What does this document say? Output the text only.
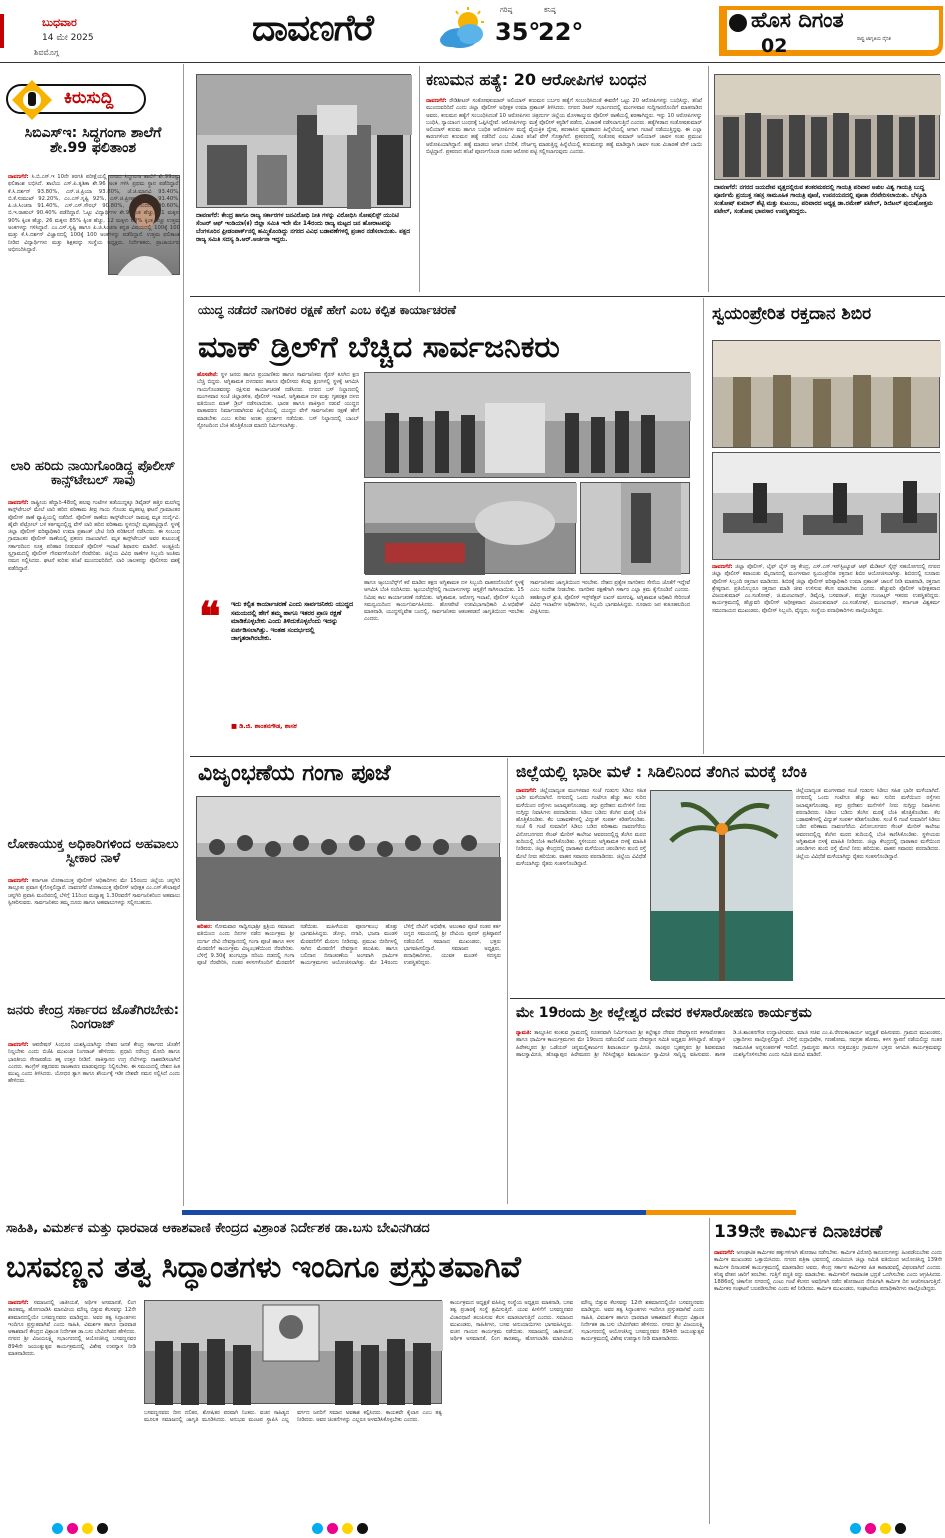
ಬುಧವಾರ
14 ಮೇ 2025
ಶಿವಮೊಗ್ಗ
ದಾವಣಗೆರೆ	ಗರಿಷ್ಠ
35°
ಕನಿಷ್ಠ
22°	ಹೊಸ ದಿಗಂತ
ರಾಷ್ಟ್ರ ಜಾಗೃತಿಯ ದೈನಿಕ
02
ಕಿರುಸುದ್ದಿ
ಸಿಬಿಎಸ್‌ಇ: ಸಿದ್ಧಗಂಗಾ ಶಾಲೆಗೆ ಶೇ.99 ಫಲಿತಾಂಶ
ದಾವಣಗೆರೆ: ಸಿ.ಬಿ.ಎಸ್.ಇ 10ನೇ ತರಗತಿ ಪರೀಕ್ಷೆಯಲ್ಲಿ ನಗರದ ಸಿದ್ಧಗಂಗಾ ಶಾಲೆಗೆ ಶೇ.99ರಷ್ಟು ಫಲಿತಾಂಶ ಲಭಿಸಿದೆ. ಶಾಲೆಯ ಎಸ್.ಪಿ.ತೃಶಿಕಾ ಶೇ.96 ಅಂಕ ಗಳಿಸಿ ಪ್ರಥಮ ಸ್ಥಾನ ಪಡೆದಿದ್ದಾರೆ. ಕೆ.ಸಿ.ದರ್ಶನ್ 93.80%, ಎನ್.ಜಿ.ಪ್ರಿಯಾ 93.80%, ಜೆ.ಜಿ.ಮಾನವಿ 93.40%, ಬಿ.ಕೆ.ಸುಮುಖ್ 92.20%, ಎಂ.ಎಸ್.ಸೃಷ್ಟಿ 92%, ಎಸ್.ಜಿ.ಪ್ರೀತಮ್ ಸ್ವಾಮಿ 91.40%, ಪಿ.ಜಿ.ಸಿಂಚನಾ 91.40%, ಎಸ್.ಎಸ್.ಸೌರಭ್ 90.80%, ಸಿ.ಜಿ.ನಂದನ್ 90.60%, ಬಿ.ಇ.ರಾಹುಲ್ 90.40% ಪಡೆದಿದ್ದಾರೆ. ಓಟ್ಟು ವಿದ್ಯಾರ್ಥಿಗಳ ಶೇ.99ಕ್ಕಿಂತ ಹೆಚ್ಚು, 11 ಮಕ್ಕಳು 90% ಕ್ಕಿಂತ ಹೆಚ್ಚು, 26 ಮಕ್ಕಳು 85% ಕ್ಕಿಂತ ಹೆಚ್ಚು, 12 ಮಕ್ಕಳು 60% ಕ್ಕಿಂತ ಹೆಚ್ಚು ಉತ್ತಮ ಅಂಕಗಳನ್ನು ಗಳಿಸಿದ್ದಾರೆ. ಎಂ.ಎಸ್.ಸೃಷ್ಟಿ ಹಾಗೂ ಪಿ.ಜಿ.ಸಿಂಚನಾ ಕನ್ನಡ ವಿಷಯದಲ್ಲಿ 100ಕ್ಕೆ 100 ಮತ್ತು ಕೆ.ಸಿ.ದರ್ಶನ್ ವಿಜ್ಞಾನದಲ್ಲಿ 100ಕ್ಕೆ 100 ಅಂಕಗಳನ್ನು ಪಡೆದಿದ್ದಾರೆ. ಉತ್ತಮ ಫಲಿತಾಂಶ ನೀಡಿದ ವಿದ್ಯಾರ್ಥಿಗಳು ಮತ್ತು ಶಿಕ್ಷಕರನ್ನು ಸಂಸ್ಥೆಯ ಅಧ್ಯಕ್ಷರು, ನಿರ್ದೇಶಕರು, ಪ್ರಾಚಾರ್ಯರು ಅಭಿನಂದಿಸಿದ್ದಾರೆ.
ಲಾರಿ ಹರಿದು ನಾಯಿಗೊಂಡಿದ್ದ ಪೊಲೀಸ್ ಕಾನ್ಸ್‌ಟೇಬಲ್ ಸಾವು
ದಾವಣಗೆರೆ: ರಾಷ್ಟ್ರೀಯ ಹೆದ್ದಾರಿ-48ರಲ್ಲಿ ಹಲವು ಗಂಟೆಗಳ ತಡೆಯುದ್ದಕ್ಕೂ ಡಿವೈಡರ್ ಹತ್ತಿರ ಮಲಗಿದ್ದ ಕಾನ್ಸ್‌ಟೇಬಲ್ ಮೇಲೆ ಲಾರಿ ಹರಿದ ಪರಿಣಾಮ ತೀವ್ರ ಗಾಯ ಗೊಂಡು ಮೃತಪಟ್ಟ ಘಟನೆ ಗ್ರಾಮಾಂತರ ಪೊಲೀಸ್ ಠಾಣೆ ವ್ಯಾಪ್ತಿಯಲ್ಲಿ ನಡೆದಿದೆ. ಪೊಲೀಸ್ ಠಾಣೆಯ ಕಾನ್ಸ್‌ಟೇಬಲ್ ರಾಮಪ್ಪ ಮೃತ ದುರ್ದೈವಿ. ಹೈವೇ ಪೆಟ್ರೋಲ್ ಬಳಿ ಕರ್ತವ್ಯದಲ್ಲಿದ್ದ ವೇಳೆ ಲಾರಿ ಹರಿದ ಪರಿಣಾಮ ಸ್ಥಳದಲ್ಲೇ ಮೃತಪಟ್ಟಿದ್ದಾರೆ. ಸ್ಥಳಕ್ಕೆ ಜಿಲ್ಲಾ ಪೊಲೀಸ್ ವರಿಷ್ಠಾಧಿಕಾರಿ ಉಮಾ ಪ್ರಶಾಂತ್ ಭೇಟಿ ನೀಡಿ ಪರಿಶೀಲನೆ ನಡೆಸಿದರು. ಈ ಸಂಬಂಧ ಗ್ರಾಮಾಂತರ ಪೊಲೀಸ್ ಠಾಣೆಯಲ್ಲಿ ಪ್ರಕರಣ ದಾಖಲಾಗಿದೆ. ಮೃತ ಕಾನ್ಸ್‌ಟೇಬಲ್ ಅವರ ಕುಟುಂಬಕ್ಕೆ ಸರ್ಕಾರದಿಂದ ಸೂಕ್ತ ಪರಿಹಾರ ನೀಡುವಂತೆ ಪೊಲೀಸ್ ಇಲಾಖೆ ಶಿಫಾರಸು ಮಾಡಿದೆ. ಅಂತ್ಯಕ್ರಿಯೆ ಸ್ವಗ್ರಾಮದಲ್ಲಿ ಪೊಲೀಸ್ ಗೌರವಗಳೊಂದಿಗೆ ನೆರವೇರಿತು. ಜಿಲ್ಲೆಯ ವಿವಿಧ ಠಾಣೆಗಳ ಸಿಬ್ಬಂದಿ ಅಂತಿಮ ನಮನ ಸಲ್ಲಿಸಿದರು. ಘಟನೆ ಕುರಿತು ತನಿಖೆ ಮುಂದುವರಿದಿದೆ. ಲಾರಿ ಚಾಲಕನನ್ನು ಪೊಲೀಸರು ವಶಕ್ಕೆ ಪಡೆದಿದ್ದಾರೆ.
ಲೋಕಾಯುಕ್ತ ಅಧಿಕಾರಿಗಳಿಂದ ಅಹವಾಲು ಸ್ವೀಕಾರ ನಾಳೆ
ದಾವಣಗೆರೆ: ಕರ್ನಾಟಕ ಲೋಕಾಯುಕ್ತ ಪೊಲೀಸ್ ಅಧಿಕಾರಿಗಳು ಮೇ 15ರಂದು ಜಿಲ್ಲೆಯ ಚನ್ನಗಿರಿ ತಾಲ್ಲೂಕು ಪ್ರವಾಸ ಕೈಗೊಳ್ಳಲಿದ್ದಾರೆ. ದಾವಣಗೆರೆ ಲೋಕಾಯುಕ್ತ ಪೊಲೀಸ್ ಅಧೀಕ್ಷಕ ಎಂ.ಎಸ್.ಕೌಲಾಪುರೆ ಚನ್ನಗಿರಿ ಪ್ರವಾಸಿ ಮಂದಿರದಲ್ಲಿ ಬೆಳಿಗ್ಗೆ 11ರಿಂದ ಮಧ್ಯಾಹ್ನ 1.30ರವರೆಗೆ ಸಾರ್ವಜನಿಕರಿಂದ ಅಹವಾಲು ಸ್ವೀಕರಿಸುವರು. ಸಾರ್ವಜನಿಕರು ತಮ್ಮ ದೂರು ಹಾಗೂ ಅಹವಾಲುಗಳನ್ನು ಸಲ್ಲಿಸಬಹುದು.
ಜನರು ಕೇಂದ್ರ ಸರ್ಕಾರದ ಜೊತೆಗಿರಬೇಕು: ನಿಂಗರಾಜ್
ದಾವಣಗೆರೆ: ಆಪರೇಷನ್ ಸಿಂಧೂರ ಯಶಸ್ವಿಯಾಗಿದ್ದು ದೇಶದ ಜನತೆ ಕೇಂದ್ರ ಸರ್ಕಾರದ ಜೊತೆಗೆ ನಿಲ್ಲಬೇಕು ಎಂದು ಬಿಜೆಪಿ ಮುಖಂಡ ನಿಂಗರಾಜ್ ಹೇಳಿದರು. ಪ್ರಧಾನಿ ನರೇಂದ್ರ ಮೋದಿ ಹಾಗೂ ಭಾರತೀಯ ಸೇನಾಪಡೆಯ ತಕ್ಕ ಉತ್ತರ ನೀಡಿದೆ. ಪಾಕಿಸ್ತಾನದ ಉಗ್ರ ನೆಲೆಗಳನ್ನು ನಾಶಪಡಿಸಲಾಗಿದೆ ಎಂದರು. ಕಾಂಗ್ರೆಸ್ ಪಕ್ಷದವರು ರಾಜಕಾರಣ ಮಾಡುವುದನ್ನು ನಿಲ್ಲಿಸಬೇಕು. ಈ ಸಮಯದಲ್ಲಿ ದೇಶದ ಹಿತ ಮುಖ್ಯ ಎಂದು ತಿಳಿಸಿದರು. ಯೋಧರ ತ್ಯಾಗ ಹಾಗೂ ಶೌರ್ಯಕ್ಕೆ ಇಡೀ ದೇಶವೇ ನಮನ ಸಲ್ಲಿಸಿದೆ ಎಂದು ಹೇಳಿದರು.
ದಾವಣಗೆರೆ: ಕೇಂದ್ರ ಹಾಗೂ ರಾಜ್ಯ ಸರ್ಕಾರಗಳ ಜನವಿರೋಧಿ ನೀತಿ ಗಳನ್ನು ವಿರೋಧಿಸಿ ಸೋಷಲಿಸ್ಟ್ ಯುನಿಟಿ ಸೆಂಟರ್ ಆಫ್ ಇಂಡಿಯಾ(ಕ) ಜಿಲ್ಲಾ ಸಮಿತಿ ಇದೇ ಮೇ 14ರಂದು ರಾಜ್ಯ ಮಟ್ಟದ ಜನ ಹೋರಾಟವನ್ನು ಬೆಂಗಳೂರಿನ ಫ್ರೀಡಂಪಾರ್ಕ್‌ನಲ್ಲಿ ಹಮ್ಮಿಕೊಂಡಿದ್ದು ನಗರದ ವಿವಿಧ ಬಡಾವಣೆಗಳಲ್ಲಿ ಪ್ರಚಾರ ನಡೆಸಲಾಯಿತು. ಪಕ್ಷದ ರಾಜ್ಯ ಸಮಿತಿ ಸದಸ್ಯ ಡಿ.ಆರ್.ಅರ್ಚನಾ ಇದ್ದರು.
ಕಣುಮನ ಹತ್ಯೆ: 20 ಆರೋಪಿಗಳ ಬಂಧನ
ದಾವಣಗೆರೆ: ರೌಡಿಶೀಟರ್ ಸಂತೋಷಕುಮಾರ್ ಅಲಿಯಾಸ್ ಕಣುಮನ ಬರ್ಬರ ಹತ್ಯೆಗೆ ಸಂಬಂಧಿಸಿದಂತೆ ಈವರೆಗೆ ಒಟ್ಟು 20 ಆರೋಪಿಗಳನ್ನು ಬಂಧಿಸಿದ್ದು, ತನಿಖೆ ಮುಂದುವರಿದಿದೆ ಎಂದು ಜಿಲ್ಲಾ ಪೊಲೀಸ್ ಅಧೀಕ್ಷಕ ಉಮಾ ಪ್ರಶಾಂತ್ ತಿಳಿಸಿದರು. ನಗರದ ಡಿಆರ್ ಸಭಾಂಗಣದಲ್ಲಿ ಮಂಗಳವಾರ ಸುದ್ದಿಗಾರರೊಂದಿಗೆ ಮಾತನಾಡಿದ ಅವರು, ಕಣುಮನ ಹತ್ಯೆಗೆ ಸಂಬಂಧಿಸಿದಂತೆ 10 ಆರೋಪಿಗಳು ಚಿತ್ರದುರ್ಗ ಜಿಲ್ಲೆಯ ಮೊಳಕಾಲ್ಮುರು ಪೊಲೀಸ್ ಠಾಣೆಯಲ್ಲಿ ಶರಣಾಗಿದ್ದರು. ಇನ್ನು 10 ಆರೋಪಿಗಳನ್ನು ಬಂಧಿಸಿ, ನ್ಯಾಯಾಂಗ ಬಂಧನಕ್ಕೆ ಒಪ್ಪಿಸಿದ್ದೇವೆ. ಆರೋಪಿಗಳನ್ನು ಮತ್ತೆ ಪೊಲೀಸ್ ಕಸ್ಟಡಿಗೆ ಪಡೆದು, ವಿಚಾರಣೆ ನಡೆಸಲಾಗುತ್ತಿದೆ ಎಂದರು. ಹತ್ಯೆಗೀಡಾದ ಸಂತೋಷಕುಮಾರ್ ಅಲಿಯಾಸ್ ಕಣುಮ ಹಾಗೂ ಬಂಧಿತ ಆರೋಪಿಗಳ ಮಧ್ಯೆ ವೈಯಕ್ತಿಕ ದ್ವೇಷ, ಹಣಕಾಸಿನ ವ್ಯವಹಾರದ ಹಿನ್ನೆಲೆಯಲ್ಲಿ ಆಗಾಗ ಗಲಾಟೆ ನಡೆಯುತ್ತಿದ್ದವು. ಈ ಎಲ್ಲಾ ಕಾರಣಗಳಿಂದ ಕಣುಮನ ಹತ್ಯೆ ನಡೆದಿದೆ ಎಂಬ ವಿಚಾರ ತನಿಖೆ ವೇಳೆ ಗೊತ್ತಾಗಿದೆ. ಪ್ರಕರಣದಲ್ಲಿ ಸಂತೋಷ ಕುಮಾರ್ ಅಲಿಯಾಸ್ ಚಾವಳ ಸಂತು ಪ್ರಮುಖ ಆರೋಪಿಯಾಗಿದ್ದಾನೆ. ಹತ್ಯೆ ಮಾಡಲು ಆಗಾಗ ಬೆದರಿಕೆ, ದೌರ್ಜನ್ಯ ಮಾಡುತ್ತಿದ್ದ ಹಿನ್ನೆಲೆಯಲ್ಲಿ ಕಣುಮನನ್ನು ಹತ್ಯೆ ಮಾಡಿದ್ದಾಗಿ ಚಾವಳ ಸಂತು ವಿಚಾರಣೆ ವೇಳೆ ಬಾಯಿ ಬಿಟ್ಟಿದ್ದಾನೆ. ಪ್ರಕರಣದ ತನಿಖೆ ಪೂರ್ಣಗೊಂಡ ನಂತರ ಆರೋಪ ಪಟ್ಟಿ ಸಲ್ಲಿಸಲಾಗುವುದು ಎಂದರು.
ದಾವಣಗೆರೆ: ನಗರದ ಜಯದೇವ ವೃತ್ತದಲ್ಲಿರುವ ಶಂಕರಮಠದಲ್ಲಿ ಗಾಯತ್ರಿ ಪರಿವಾರ ಅಖಿಲ ವಿಶ್ವ ಗಾಯತ್ರಿ ಬುದ್ಧ ಪೂರ್ಣಿಮೆ ಪ್ರಯುಕ್ತ ಸಹಸ್ರ ಸಾಮೂಹಿಕ ಗಾಯತ್ರಿ ಪೂಜೆ, ಉಪನಯನದಲ್ಲಿ ಪೂಜಾ ನೆರವೇರಿಸಲಾಯಿತು. ಬೆಳ್ಳೂಡಿ ಸಂತೋಷ್ ಕುಮಾರ್ ಶೆಟ್ಟಿ ಮತ್ತು ಕುಟುಂಬ, ಪರಿವಾರದ ಅಧ್ಯಕ್ಷ ಡಾ.ರಮೇಶ್ ಪಟೇಲ್, ಡಿಜಿಟಲ್ ಪುರುಷೋತ್ತಮ ಪಟೇಲ್, ಸಂತೋಷ ಭಾವಸಾರ ಉಪಸ್ಥಿತರಿದ್ದರು.
ಯುದ್ಧ ನಡೆದರೆ ನಾಗರಿಕರ ರಕ್ಷಣೆ ಹೇಗೆ ಎಂಬ ಕಲ್ಪಿತ ಕಾರ್ಯಾಚರಣೆ
ಮಾಕ್ ಡ್ರಿಲ್‌ಗೆ ಬೆಚ್ಚಿದ ಸಾರ್ವಜನಿಕರು
ಹೊಸಪೇಟೆ: ಸ್ಥಳ ಜನರು ಹಾಗೂ ಪ್ರಯಾಣಿಕರು ಹಾಗೂ ಸಾರ್ವಜನಿಕರು ಸೈರನ್ ಕೂಗಿದ ಕ್ಷಣ ಬೆಚ್ಚಿ ಬಿದ್ದರು. ಅಗ್ನಿಶಾಮಕ ದಳದವರು ಹಾಗೂ ಪೊಲೀಸರು ಕೆಲವು ಕ್ಷಣಗಳಲ್ಲಿ ಸ್ಥಳಕ್ಕೆ ಆಗಮಿಸಿ ಗಾಯಗೊಂಡವರನ್ನು ರಕ್ಷಿಸುವ ಕಾರ್ಯಾಚರಣೆ ನಡೆಸಿದರು. ನಗರದ ಬಸ್ ನಿಲ್ದಾಣದಲ್ಲಿ ಮಂಗಳವಾರ ಸಂಜೆ ಜಿಲ್ಲಾಡಳಿತ, ಪೊಲೀಸ್ ಇಲಾಖೆ, ಅಗ್ನಿಶಾಮಕ ದಳ ಮತ್ತು ಗೃಹರಕ್ಷಕ ದಳದ ವತಿಯಿಂದ ಮಾಕ್ ಡ್ರಿಲ್ ನಡೆಸಲಾಯಿತು. ಭಾರತ ಹಾಗೂ ಪಾಕಿಸ್ತಾನ ನಡುವೆ ಯುದ್ಧದ ವಾತಾವರಣ ನಿರ್ಮಾಣವಾಗಿರುವ ಹಿನ್ನೆಲೆಯಲ್ಲಿ ಯುದ್ಧದ ವೇಳೆ ಸಾರ್ವಜನಿಕರ ರಕ್ಷಣೆ ಹೇಗೆ ಮಾಡಬೇಕು ಎಂಬ ಕುರಿತು ಅಣಕು ಪ್ರದರ್ಶನ ನಡೆಯಿತು. ಬಸ್ ನಿಲ್ದಾಣದಲ್ಲಿ ಬಾಂಬ್ ಸ್ಫೋಟದಿಂದ ಬೆಂಕಿ ಹೊತ್ತಿಕೊಂಡ ಮಾದರಿ ನಿರ್ಮಿಸಲಾಗಿತ್ತು.
❝	ಇದು ಕಲ್ಪಿತ ಕಾರ್ಯಾಚರಣೆ ಎಂದು ಸಾರ್ವಜನಿಕರು ಯುದ್ಧದ ಸಮಯದಲ್ಲಿ ಹೇಗೆ ತಮ್ಮ ಹಾಗೂ ಇತರರ ಪ್ರಾಣ ರಕ್ಷಣೆ ಮಾಡಿಕೊಳ್ಳಬೇಕು ಎಂದು ತಿಳಿದುಕೊಳ್ಳಲೆಂದು ಇದನ್ನು ಏರ್ಪಡಿಸಲಾಗಿತ್ತು. ಇಂತಹ ಸಂದರ್ಭದಲ್ಲಿ ಜಾಗೃತರಾಗಿರಬೇಕು.
■ ಡಿ.ಜಿ. ಶಾಂತನಗೌಡ, ಶಾಸಕ
ಹಾಗೂ ಆ್ಯಂಬುಲೆನ್ಸ್‌ಗೆ ಕರೆ ಮಾಡಿದ ತಕ್ಷಣ ಅಗ್ನಿಶಾಮಕ ದಳ ಸಿಬ್ಬಂದಿ ವಾಹನದೊಂದಿಗೆ ಸ್ಥಳಕ್ಕೆ ಆಗಮಿಸಿ ಬೆಂಕಿ ನಂದಿಸಿದರು. ಆ್ಯಂಬುಲೆನ್ಸ್‌ನಲ್ಲಿ ಗಾಯಾಳುಗಳನ್ನು ಆಸ್ಪತ್ರೆಗೆ ಸಾಗಿಸಲಾಯಿತು. 15 ನಿಮಿಷ ಕಾಲ ಕಾರ್ಯಾಚರಣೆ ನಡೆಯಿತು. ಅಗ್ನಿಶಾಮಕ, ಆರೋಗ್ಯ ಇಲಾಖೆ, ಪೊಲೀಸ್ ಸಿಬ್ಬಂದಿ ಸಮನ್ವಯದಿಂದ ಕಾರ್ಯನಿರ್ವಹಿಸಿದರು. ಹೊಸಪೇಟೆ ಉಪವಿಭಾಗಾಧಿಕಾರಿ ವಿ.ಅಭಿಷೇಕ್ ಮಾತನಾಡಿ, ಯುದ್ಧಸನ್ನಿವೇಶ ಬಂದಲ್ಲಿ, ಸಾರ್ವಜನಿಕರು ಆತಂಕಪಡದೆ ಜಾಗೃತಿಯಿಂದ ಇರಬೇಕು ಎಂದರು.
ಸಾರ್ವಜನಿಕರು ಜಾಗೃತಿಯಿಂದ ಇರಬೇಕು. ದೇಶದ ಪ್ರತ್ಯೇಕ ನಾಗರಿಕನು ಸೇನೆಯ ಜೊತೆಗೆ ಇದ್ದೇವೆ ಎಂಬ ಸಂದೇಶ ನೀಡಬೇಕು. ನಾಗರಿಕರ ರಕ್ಷಣೆಗಾಗಿ ಸರ್ಕಾರ ಎಲ್ಲಾ ಕ್ರಮ ಕೈಗೊಂಡಿದೆ ಎಂದರು. ತಹಶೀಲ್ದಾರ್ ಶ್ರುತಿ, ಪೊಲೀಸ್ ಇನ್ಸ್‌ಪೆಕ್ಟರ್ ಲಖನ್ ಮಸಗುಪ್ಪಿ, ಅಗ್ನಿಶಾಮಕ ಅಧಿಕಾರಿ ಸೇರಿದಂತೆ ವಿವಿಧ ಇಲಾಖೆಗಳ ಅಧಿಕಾರಿಗಳು, ಸಿಬ್ಬಂದಿ ಭಾಗವಹಿಸಿದ್ದರು. ನೂರಾರು ಜನ ಕುತೂಹಲದಿಂದ ವೀಕ್ಷಿಸಿದರು.
ಸ್ವಯಂಪ್ರೇರಿತ ರಕ್ತದಾನ ಶಿಬಿರ
ದಾವಣಗೆರೆ: ಜಿಲ್ಲಾ ಪೊಲೀಸ್, ಲೈಫ್ ಲೈನ್ ರಕ್ತ ಕೇಂದ್ರ, ಎಸ್.ಎಸ್.ಇನ್‌ಸ್ಟಿಟ್ಯೂಟ್ ಆಫ್ ಮೆಡಿಕಲ್ ಸೈನ್ಸ್ ಸಹಯೋಗದಲ್ಲಿ ನಗರದ ಜಿಲ್ಲಾ ಪೊಲೀಸ್ ಕವಾಯತು ಮೈದಾನದಲ್ಲಿ ಮಂಗಳವಾರ ಸ್ವಯಂಪ್ರೇರಿತ ರಕ್ತದಾನ ಶಿಬಿರ ಆಯೋಜಿಸಲಾಗಿತ್ತು. ಶಿಬಿರದಲ್ಲಿ ನೂರಾರು ಪೊಲೀಸ್ ಸಿಬ್ಬಂದಿ ರಕ್ತದಾನ ಮಾಡಿದರು. ಶಿಬಿರಕ್ಕೆ ಜಿಲ್ಲಾ ಪೊಲೀಸ್ ವರಿಷ್ಠಾಧಿಕಾರಿ ಉಮಾ ಪ್ರಶಾಂತ್ ಚಾಲನೆ ನೀಡಿ ಮಾತನಾಡಿ, ರಕ್ತದಾನ ಶ್ರೇಷ್ಠದಾನ. ಪ್ರತಿಯೊಬ್ಬರೂ ರಕ್ತದಾನ ಮಾಡಿ ಜೀವ ಉಳಿಸುವ ಕೆಲಸ ಮಾಡಬೇಕು ಎಂದರು. ಹೆಚ್ಚುವರಿ ಪೊಲೀಸ್ ಅಧೀಕ್ಷಕರಾದ ವಿಜಯಕುಮಾರ್ ಎಂ.ಸಂತೋಷ್, ಜಿ.ಮಂಜುನಾಥ್, ಡಿವೈಎಸ್ಪಿ ಬಸವರಾಜ್, ಪದ್ಮಶ್ರೀ ಗುಂಜಟ್ಕರ್ ಇತರರು ಉಪಸ್ಥಿತರಿದ್ದರು. ಕಾರ್ಯಕ್ರಮದಲ್ಲಿ ಹೆಚ್ಚುವರಿ ಪೊಲೀಸ್ ಅಧೀಕ್ಷಕರಾದ ವಿಜಯಕುಮಾರ್ ಎಂ.ಸಂತೋಷ್, ಮಂಜುನಾಥ್, ಕರ್ನಾಟಕ ವಿಶ್ವಕರ್ಮ ಸಮುದಾಯದ ಮುಖಂಡರು, ಪೊಲೀಸ್ ಸಿಬ್ಬಂದಿ, ವೈದ್ಯರು, ಸಂಸ್ಥೆಯ ಪದಾಧಿಕಾರಿಗಳು ಪಾಲ್ಗೊಂಡಿದ್ದರು.
ವಿಜೃಂಭಣೆಯ ಗಂಗಾ ಪೂಜೆ
ಹರಿಹರ: ಸೋಮವಾರ ಸಾಧ್ವಿಸಭಾಶ್ರೀ ಕ್ಷತ್ರಿಯ ಸಮಾಜದ ವತಿಯಿಂದ ಎಂದು ದಿನಗಳ ನಡೆದ ಕಾರ್ಯಕ್ರಮ ಶ್ರೀ ದುರ್ಗಾ ದೇವಿ ದೇವಸ್ಥಾನದಲ್ಲಿ ಗಂಗಾ ಪೂಜೆ ಹಾಗೂ ಕಳಸ ಮೆರವಣಿಗೆ ಕಾರ್ಯಕ್ರಮ ವಿಜೃಂಭಣೆಯಿಂದ ನೆರವೇರಿತು. ಬೆಳಿಗ್ಗೆ 9.30ಕ್ಕೆ ತುಂಗಭದ್ರಾ ನದಿಯ ದಡದಲ್ಲಿ ಗಂಗಾ ಪೂಜೆ ನೆರವೇರಿಸಿ, ನಂತರ ಕಳಸಗಳೊಂದಿಗೆ ಮೆರವಣಿಗೆ ನಡೆಯಿತು. ಮಹಿಳೆಯರು ಪೂರ್ಣಕುಂಭ ಹೊತ್ತು ಭಾಗವಹಿಸಿದ್ದರು. ಡೊಳ್ಳು, ನಗಾರಿ, ಭಜನಾ ಮಂಡಳಿ ಮೆರವಣಿಗೆಗೆ ಮೆರುಗು ನೀಡಿದವು. ಪ್ರಮುಖ ಬೀದಿಗಳಲ್ಲಿ ಸಾಗಿದ ಮೆರವಣಿಗೆ ದೇವಸ್ಥಾನ ತಲುಪಿತು. ಹಾಗೂ ಬಲಿದಾನ ದಿನಾಚರಣೆಯ ಅಂಗವಾಗಿ ಧಾರ್ಮಿಕ ಕಾರ್ಯಕ್ರಮಗಳು ಆಯೋಜಿಸಲಾಗಿತ್ತು. ಮೇ 14ರಂದು ಬೆಳಿಗ್ಗೆ ದೇವಿಗೆ ಅಭಿಷೇಕ, ಅಲಂಕಾರ ಪೂಜೆ ನಂತರ ಕರ್ತ ಲಗ್ನದ ಸಮಯದಲ್ಲಿ ಶ್ರೀ ದೇವಿಯ ಪುನರ್ ಪ್ರತಿಷ್ಠಾಪನೆ ನಡೆಯಲಿದೆ. ಸಮಾಜದ ಮುಖಂಡರು, ಭಕ್ತರು ಭಾಗವಹಿಸಲಿದ್ದಾರೆ. ಸಮಾಜದ ಅಧ್ಯಕ್ಷರು, ಪದಾಧಿಕಾರಿಗಳು, ಯುವಕ ಮಂಡಳಿ ಸದಸ್ಯರು ಉಪಸ್ಥಿತರಿದ್ದರು.
ಜಿಲ್ಲೆಯಲ್ಲಿ ಭಾರೀ ಮಳೆ : ಸಿಡಿಲಿನಿಂದ ತೆಂಗಿನ ಮರಕ್ಕೆ ಬೆಂಕಿ
ದಾವಣಗೆರೆ: ಜಿಲ್ಲೆಯಾದ್ಯಂತ ಮಂಗಳವಾರ ಸಂಜೆ ಗುಡುಗು ಸಿಡಿಲು ಸಹಿತ ಭಾರೀ ಮಳೆಯಾಗಿದೆ. ನಗರದಲ್ಲಿ ಒಂದು ಗಂಟೆಗೂ ಹೆಚ್ಚು ಕಾಲ ಸುರಿದ ಮಳೆಯಿಂದ ರಸ್ತೆಗಳು ಜಲಾವೃತಗೊಂಡವು. ತಗ್ಗು ಪ್ರದೇಶದ ಮನೆಗಳಿಗೆ ನೀರು ನುಗ್ಗಿದ್ದು ನಿವಾಸಿಗಳು ಪರದಾಡಿದರು. ಸಿಡಿಲು ಬಡಿದು ತೆಂಗಿನ ಮರಕ್ಕೆ ಬೆಂಕಿ ಹೊತ್ತಿಕೊಂಡಿತು. ಕೆಲ ಬಡಾವಣೆಗಳಲ್ಲಿ ವಿದ್ಯುತ್ ಸಂಪರ್ಕ ಕಡಿತಗೊಂಡಿತು. ಸಂಜೆ 6 ಗಂಟೆ ಸುಮಾರಿಗೆ ಸಿಡಿಲು ಬಡಿದ ಪರಿಣಾಮ ದಾವಣಗೆರೆಯ ವಿನೋಬನಗರದ ಸೇಂಟ್ ಮೇರಿಸ್ ಕಾಲೇಜು ಆವರಣದಲ್ಲಿದ್ದ ತೆಂಗಿನ ಮರದ ತುದಿಯಲ್ಲಿ ಬೆಂಕಿ ಕಾಣಿಸಿಕೊಂಡಿತು. ಸ್ಥಳೀಯರು ಅಗ್ನಿಶಾಮಕ ದಳಕ್ಕೆ ಮಾಹಿತಿ ನೀಡಿದರು. ಜಿಲ್ಲಾ ಕೇಂದ್ರದಲ್ಲಿ ಧಾರಾಕಾರ ಮಳೆಯಿಂದ ಚರಂಡಿಗಳು ತುಂಬಿ ರಸ್ತೆ ಮೇಲೆ ನೀರು ಹರಿಯಿತು. ವಾಹನ ಸವಾರರು ಪರದಾಡಿದರು. ಜಿಲ್ಲೆಯ ವಿವಿಧೆಡೆ ಮಳೆಯಾಗಿದ್ದು ರೈತರು ಸಂತಸಗೊಂಡಿದ್ದಾರೆ.
ಜಿಲ್ಲೆಯಾದ್ಯಂತ ಮಂಗಳವಾರ ಸಂಜೆ ಗುಡುಗು ಸಿಡಿಲು ಸಹಿತ ಭಾರೀ ಮಳೆಯಾಗಿದೆ. ನಗರದಲ್ಲಿ ಒಂದು ಗಂಟೆಗೂ ಹೆಚ್ಚು ಕಾಲ ಸುರಿದ ಮಳೆಯಿಂದ ರಸ್ತೆಗಳು ಜಲಾವೃತಗೊಂಡವು. ತಗ್ಗು ಪ್ರದೇಶದ ಮನೆಗಳಿಗೆ ನೀರು ನುಗ್ಗಿದ್ದು ನಿವಾಸಿಗಳು ಪರದಾಡಿದರು. ಸಿಡಿಲು ಬಡಿದು ತೆಂಗಿನ ಮರಕ್ಕೆ ಬೆಂಕಿ ಹೊತ್ತಿಕೊಂಡಿತು. ಕೆಲ ಬಡಾವಣೆಗಳಲ್ಲಿ ವಿದ್ಯುತ್ ಸಂಪರ್ಕ ಕಡಿತಗೊಂಡಿತು. ಸಂಜೆ 6 ಗಂಟೆ ಸುಮಾರಿಗೆ ಸಿಡಿಲು ಬಡಿದ ಪರಿಣಾಮ ದಾವಣಗೆರೆಯ ವಿನೋಬನಗರದ ಸೇಂಟ್ ಮೇರಿಸ್ ಕಾಲೇಜು ಆವರಣದಲ್ಲಿದ್ದ ತೆಂಗಿನ ಮರದ ತುದಿಯಲ್ಲಿ ಬೆಂಕಿ ಕಾಣಿಸಿಕೊಂಡಿತು. ಸ್ಥಳೀಯರು ಅಗ್ನಿಶಾಮಕ ದಳಕ್ಕೆ ಮಾಹಿತಿ ನೀಡಿದರು. ಜಿಲ್ಲಾ ಕೇಂದ್ರದಲ್ಲಿ ಧಾರಾಕಾರ ಮಳೆಯಿಂದ ಚರಂಡಿಗಳು ತುಂಬಿ ರಸ್ತೆ ಮೇಲೆ ನೀರು ಹರಿಯಿತು. ವಾಹನ ಸವಾರರು ಪರದಾಡಿದರು. ಜಿಲ್ಲೆಯ ವಿವಿಧೆಡೆ ಮಳೆಯಾಗಿದ್ದು ರೈತರು ಸಂತಸಗೊಂಡಿದ್ದಾರೆ.
ಮೇ 19ರಂದು ಶ್ರೀ ಕಲ್ಲೇಶ್ವರ ದೇವರ ಕಳಸಾರೋಹಣ ಕಾರ್ಯಕ್ರಮ
ನ್ಯಾಮತಿ: ತಾಲ್ಲೂಕಿನ ಕುಂಕುವ ಗ್ರಾಮದಲ್ಲಿ ನೂತನವಾಗಿ ನಿರ್ಮಿಸಲಾದ ಶ್ರೀ ಕಲ್ಲೇಶ್ವರ ದೇವರ ದೇವಸ್ಥಾನದ ಕಳಸಾರೋಹಣ ಹಾಗೂ ಧಾರ್ಮಿಕ ಕಾರ್ಯಕ್ರಮಗಳು ಮೇ 19ರಂದು ನಡೆಯಲಿವೆ ಎಂದು ದೇವಸ್ಥಾನ ಸಮಿತಿ ಅಧ್ಯಕ್ಷರು ತಿಳಿಸಿದ್ದಾರೆ. ಹೊನ್ನಾಳಿ ಹಿರೇಕಲ್ಮಠದ ಶ್ರೀ ಒಡೆಯರ್ ಚನ್ನಮಲ್ಲಿಕಾರ್ಜುನ ಶಿವಾಚಾರ್ಯ ಸ್ವಾಮೀಜಿ, ರಾಂಪುರ ಬೃಹನ್ಮಠದ ಶ್ರೀ ಶಿವಕುಮಾರ ಹಾಲಸ್ವಾಮೀಜಿ, ಹೊಟ್ಯಾಪುರ ಹಿರೇಮಠದ ಶ್ರೀ ಗಿರಿಸಿದ್ದೇಶ್ವರ ಶಿವಾಚಾರ್ಯ ಸ್ವಾಮೀಜಿ ಸಾನ್ನಿಧ್ಯ ವಹಿಸುವರು. ಶಾಸಕ ಡಿ.ಜಿ.ಶಾಂತನಗೌಡ ಉದ್ಘಾಟಿಸುವರು. ಮಾಜಿ ಸಚಿವ ಎಂ.ಪಿ.ರೇಣುಕಾಚಾರ್ಯ ಅಧ್ಯಕ್ಷತೆ ವಹಿಸುವರು. ಗ್ರಾಮದ ಮುಖಂಡರು, ಭಕ್ತಾದಿಗಳು ಪಾಲ್ಗೊಳ್ಳಲಿದ್ದಾರೆ. ಬೆಳಿಗ್ಗೆ ರುದ್ರಾಭಿಷೇಕ, ಗಣಹೋಮ, ನವಗ್ರಹ ಹೋಮ, ಕಳಸ ಸ್ಥಾಪನೆ ನಡೆಯಲಿದ್ದು ನಂತರ ಸಾಮೂಹಿಕ ಅನ್ನಸಂತರ್ಪಣೆ ಇರಲಿದೆ. ಗ್ರಾಮಸ್ಥರು ಹಾಗೂ ಸುತ್ತಮುತ್ತಲ ಗ್ರಾಮಗಳ ಭಕ್ತರು ಆಗಮಿಸಿ ಕಾರ್ಯಕ್ರಮವನ್ನು ಯಶಸ್ವಿಗೊಳಿಸಬೇಕು ಎಂದು ಸಮಿತಿ ಮನವಿ ಮಾಡಿದೆ.
ಸಾಹಿತಿ, ವಿಮರ್ಶಕ ಮತ್ತು ಧಾರವಾಡ ಆಕಾಶವಾಣಿ ಕೇಂದ್ರದ ವಿಶ್ರಾಂತ ನಿರ್ದೇಶಕ ಡಾ.ಬಸು ಬೇವಿನಗಿಡದ
ಬಸವಣ್ಣನ ತತ್ವ ಸಿದ್ಧಾಂತಗಳು ಇಂದಿಗೂ ಪ್ರಸ್ತುತವಾಗಿವೆ
ದಾವಣಗೆರೆ: ಸಮಾಜದಲ್ಲಿ ಜಾತೀಯತೆ, ಅರ್ಥಿಕ ಅಸಮಾನತೆ, ಲಿಂಗ ತಾರತಮ್ಯ, ಹೋಗಲಾಡಿಸಿ ಮಾನವೀಯ ಮೌಲ್ಯ ಬಿತ್ತುವ ಕೆಲಸವನ್ನು 12ನೇ ಶತಮಾನದಲ್ಲಿಯೇ ಬಸವಣ್ಣನವರು ಮಾಡಿದ್ದರು. ಅವರ ತತ್ವ ಸಿದ್ಧಾಂತಗಳು ಇಂದಿಗೂ ಪ್ರಸ್ತುತವಾಗಿವೆ ಎಂದು ಸಾಹಿತಿ, ವಿಮರ್ಶಕ ಹಾಗೂ ಧಾರವಾಡ ಆಕಾಶವಾಣಿ ಕೇಂದ್ರದ ವಿಶ್ರಾಂತ ನಿರ್ದೇಶಕ ಡಾ.ಬಸು ಬೇವಿನಗಿಡದ ಹೇಳಿದರು. ನಗರದ ಶ್ರೀ ವಿಜಯಲಕ್ಷ್ಮಿ ಸಭಾಂಗಣದಲ್ಲಿ ಆಯೋಜಿಸಿದ್ದ ಬಸವಣ್ಣನವರ 894ನೇ ಜಯಂತ್ಯುತ್ಸವ ಕಾರ್ಯಕ್ರಮದಲ್ಲಿ ವಿಶೇಷ ಉಪನ್ಯಾಸ ನೀಡಿ ಮಾತನಾಡಿದರು.
ಬಸವಣ್ಣನವರು ದೀನ ದಲಿತರ, ಶೋಷಿತರ ಪರವಾಗಿ ನಿಂತರು. ವಚನ ಸಾಹಿತ್ಯದ ಮೂಲಕ ಸಮಾಜದಲ್ಲಿ ಜಾಗೃತಿ ಮೂಡಿಸಿದರು. ಅನುಭವ ಮಂಟಪ ಸ್ಥಾಪಿಸಿ ಎಲ್ಲ ವರ್ಗದ ಜನರಿಗೆ ಸಮಾನ ಅವಕಾಶ ಕಲ್ಪಿಸಿದರು. ಕಾಯಕವೇ ಕೈಲಾಸ ಎಂಬ ತತ್ವ ನೀಡಿದರು. ಅವರ ಚಿಂತನೆಗಳನ್ನು ಎಲ್ಲರೂ ಅಳವಡಿಸಿಕೊಳ್ಳಬೇಕು ಎಂದರು.
ಕಾರ್ಯಕ್ರಮದ ಅಧ್ಯಕ್ಷತೆ ವಹಿಸಿದ್ದ ಸಂಸ್ಥೆಯ ಅಧ್ಯಕ್ಷರು ಮಾತನಾಡಿ, ಬಸವ ತತ್ವ ಪ್ರಚಾರಕ್ಕೆ ಸಂಸ್ಥೆ ಶ್ರಮಿಸುತ್ತಿದೆ. ಯುವ ಪೀಳಿಗೆಗೆ ಬಸವಣ್ಣನವರ ವಿಚಾರಧಾರೆ ತಲುಪಿಸುವ ಕೆಲಸ ಮಾಡಲಾಗುತ್ತಿದೆ ಎಂದರು. ಸಮಾಜದ ಮುಖಂಡರು, ಸಾಹಿತಿಗಳು, ಬಸವ ಅನುಯಾಯಿಗಳು ಭಾಗವಹಿಸಿದ್ದರು. ವಚನ ಗಾಯನ ಕಾರ್ಯಕ್ರಮ ನಡೆಯಿತು. ಸಮಾಜದಲ್ಲಿ ಜಾತೀಯತೆ, ಅರ್ಥಿಕ ಅಸಮಾನತೆ, ಲಿಂಗ ತಾರತಮ್ಯ, ಹೋಗಲಾಡಿಸಿ ಮಾನವೀಯ ಮೌಲ್ಯ ಬಿತ್ತುವ ಕೆಲಸವನ್ನು 12ನೇ ಶತಮಾನದಲ್ಲಿಯೇ ಬಸವಣ್ಣನವರು ಮಾಡಿದ್ದರು. ಅವರ ತತ್ವ ಸಿದ್ಧಾಂತಗಳು ಇಂದಿಗೂ ಪ್ರಸ್ತುತವಾಗಿವೆ ಎಂದು ಸಾಹಿತಿ, ವಿಮರ್ಶಕ ಹಾಗೂ ಧಾರವಾಡ ಆಕಾಶವಾಣಿ ಕೇಂದ್ರದ ವಿಶ್ರಾಂತ ನಿರ್ದೇಶಕ ಡಾ.ಬಸು ಬೇವಿನಗಿಡದ ಹೇಳಿದರು. ನಗರದ ಶ್ರೀ ವಿಜಯಲಕ್ಷ್ಮಿ ಸಭಾಂಗಣದಲ್ಲಿ ಆಯೋಜಿಸಿದ್ದ ಬಸವಣ್ಣನವರ 894ನೇ ಜಯಂತ್ಯುತ್ಸವ ಕಾರ್ಯಕ್ರಮದಲ್ಲಿ ವಿಶೇಷ ಉಪನ್ಯಾಸ ನೀಡಿ ಮಾತನಾಡಿದರು.
139ನೇ ಕಾರ್ಮಿಕ ದಿನಾಚರಣೆ
ದಾವಣಗೆರೆ: ಅಸಂಘಟಿತ ಕಾರ್ಮಿಕರ ಹಕ್ಕುಗಳಿಗಾಗಿ ಹೋರಾಟ ನಡೆಸಬೇಕು. ಕಾರ್ಮಿಕ ವಿರೋಧಿ ಕಾನೂನುಗಳನ್ನು ಹಿಂಪಡೆಯಬೇಕು ಎಂದು ಕಾರ್ಮಿಕ ಮುಖಂಡರು ಒತ್ತಾಯಿಸಿದರು. ನಗರದ ಪತ್ರಿಕಾ ಭವನದಲ್ಲಿ ಎಐಟಿಯುಸಿ ಜಿಲ್ಲಾ ಸಮಿತಿ ವತಿಯಿಂದ ಆಯೋಜಿಸಿದ್ದ 139ನೇ ಕಾರ್ಮಿಕ ದಿನಾಚರಣೆ ಕಾರ್ಯಕ್ರಮದಲ್ಲಿ ಮಾತನಾಡಿದ ಅವರು, ಕೇಂದ್ರ ಸರ್ಕಾರ ಕಾರ್ಮಿಕರ ಹಿತ ಕಾಪಾಡುವಲ್ಲಿ ವಿಫಲವಾಗಿದೆ ಎಂದರು. ಕನಿಷ್ಠ ವೇತನ ಜಾರಿಗೆ ತರಬೇಕು. ಗುತ್ತಿಗೆ ಪದ್ಧತಿ ರದ್ದು ಮಾಡಬೇಕು. ಕಾರ್ಮಿಕರಿಗೆ ಸಾಮಾಜಿಕ ಭದ್ರತೆ ಒದಗಿಸಬೇಕು ಎಂದು ಆಗ್ರಹಿಸಿದರು. 1886ರಲ್ಲಿ ಚಿಕಾಗೋ ನಗರದಲ್ಲಿ ಎಂಟು ಗಂಟೆ ಕೆಲಸದ ಅವಧಿಗಾಗಿ ನಡೆದ ಹೋರಾಟದ ನೆನಪಿಗಾಗಿ ಕಾರ್ಮಿಕ ದಿನ ಆಚರಿಸಲಾಗುತ್ತಿದೆ. ಕಾರ್ಮಿಕರ ಸಂಘಟನೆ ಬಲಪಡಿಸಬೇಕು ಎಂದು ಕರೆ ನೀಡಿದರು. ಕಾರ್ಮಿಕ ಮುಖಂಡರು, ಸಂಘಟನೆಯ ಪದಾಧಿಕಾರಿಗಳು ಪಾಲ್ಗೊಂಡಿದ್ದರು.
